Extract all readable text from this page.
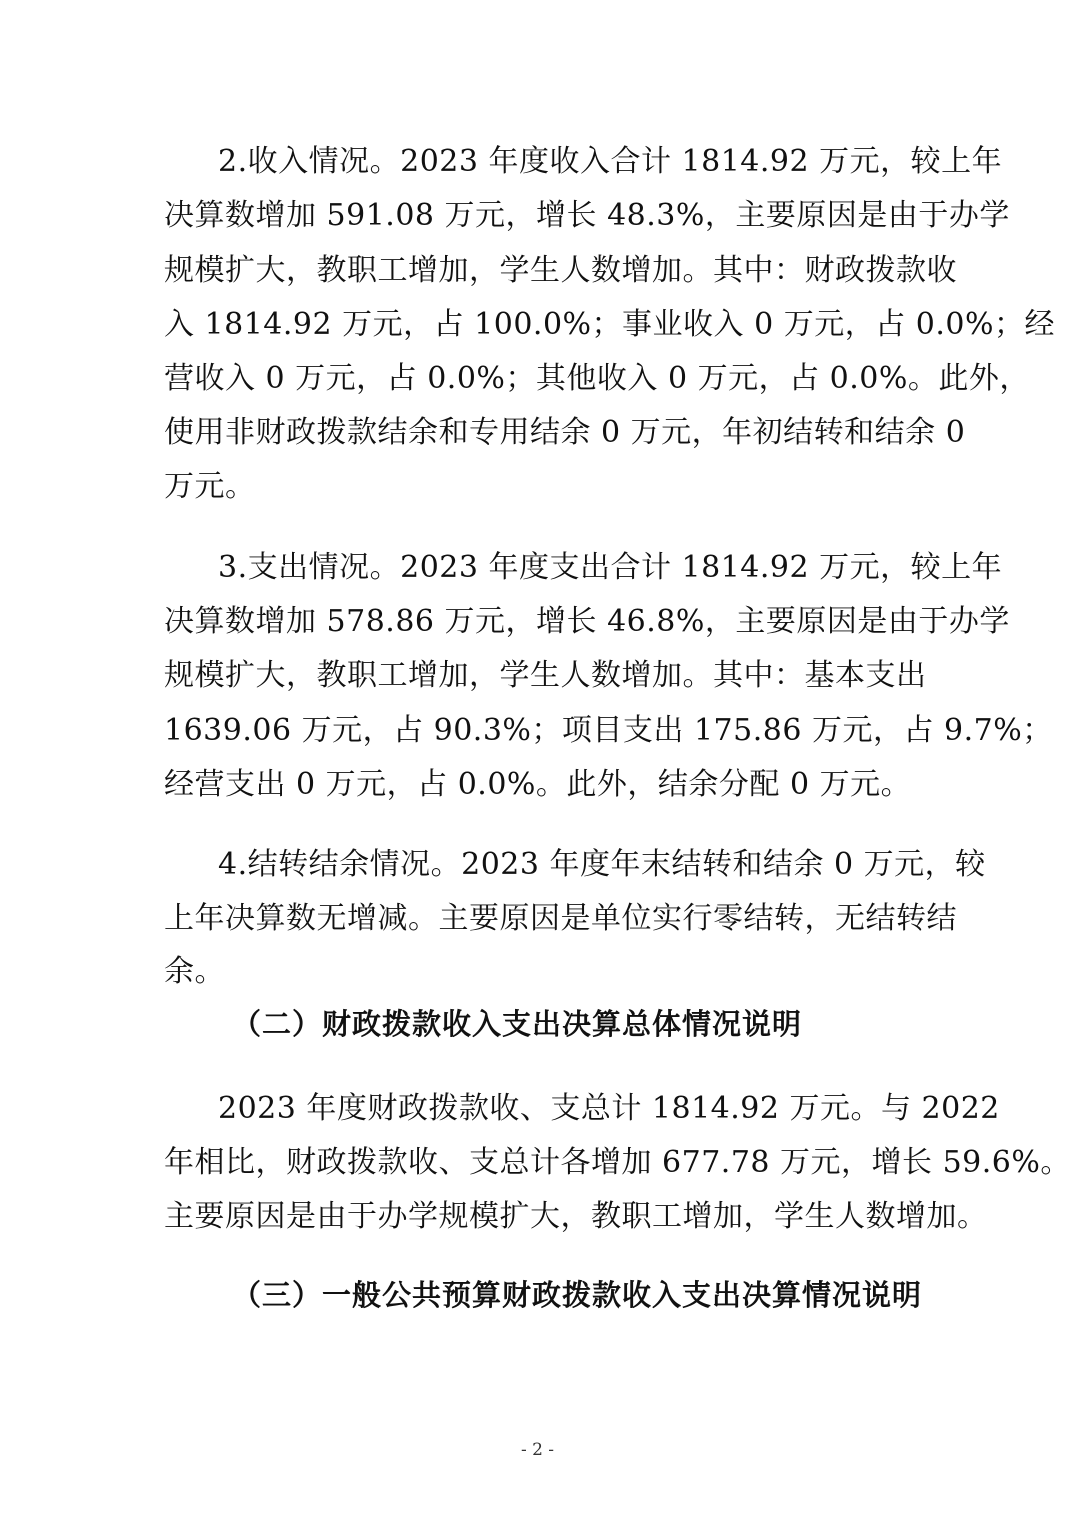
2.收入情况。2023 年度收入合计 1814.92 万元，较上年
决算数增加 591.08 万元，增长 48.3%，主要原因是由于办学
规模扩大，教职工增加，学生人数增加。其中：财政拨款收
入 1814.92 万元，占 100.0%；事业收入 0 万元，占 0.0%；经
营收入 0 万元，占 0.0%；其他收入 0 万元，占 0.0%。此外，
使用非财政拨款结余和专用结余 0 万元，年初结转和结余 0
万元。
3.支出情况。2023 年度支出合计 1814.92 万元，较上年
决算数增加 578.86 万元，增长 46.8%，主要原因是由于办学
规模扩大，教职工增加，学生人数增加。其中：基本支出
1639.06 万元，占 90.3%；项目支出 175.86 万元，占 9.7%；
经营支出 0 万元，占 0.0%。此外，结余分配 0 万元。
4.结转结余情况。2023 年度年末结转和结余 0 万元，较
上年决算数无增减。主要原因是单位实行零结转，无结转结
余。
（二）财政拨款收入支出决算总体情况说明
2023 年度财政拨款收、支总计 1814.92 万元。与 2022
年相比，财政拨款收、支总计各增加 677.78 万元，增长 59.6%。
主要原因是由于办学规模扩大，教职工增加，学生人数增加。
（三）一般公共预算财政拨款收入支出决算情况说明
- 2 -
